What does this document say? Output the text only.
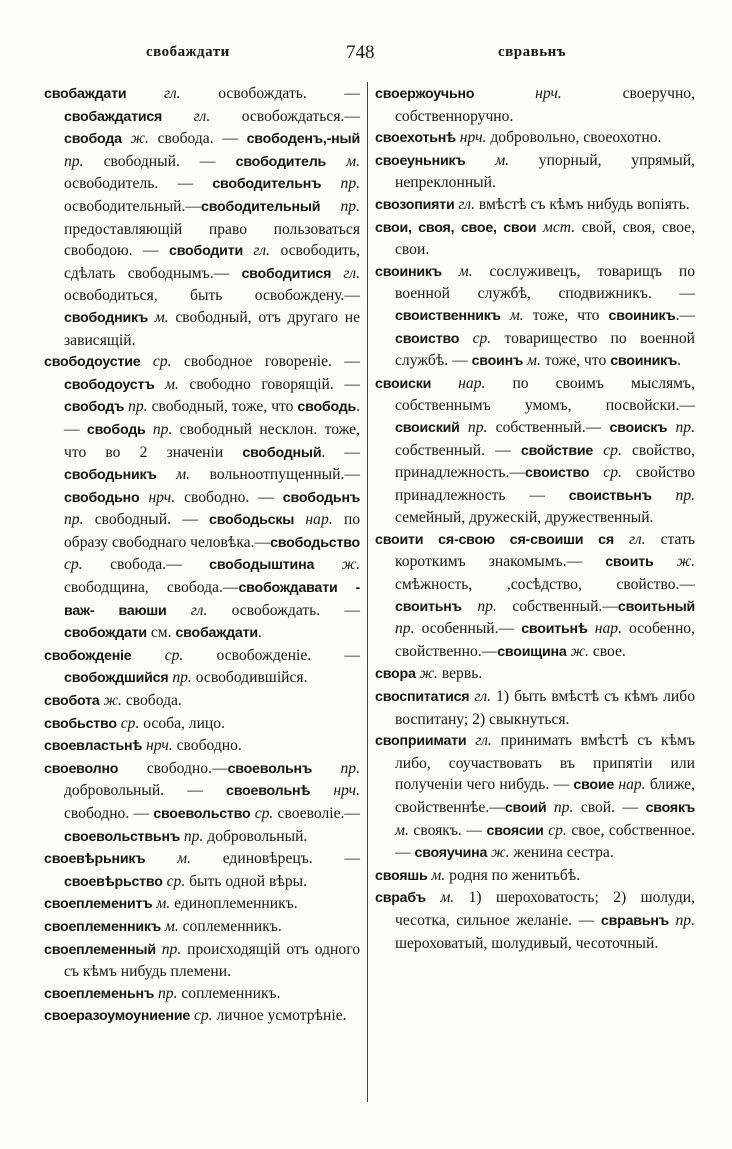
свобаждати	748	свравьнъ

свобаждати гл. освобождать. — свобаждатися гл. освобождаться.—свобода ж. свобода. — свободенъ,-ный пр. свободный. — свободитель м. освободитель. — свободительнъ пр. освободительный.—свободительный пр. предоставляющій право пользоваться свободою. — свободити гл. освободить, сдѣлать свободнымъ.— свободитися гл. освободиться, быть освобождену.—свободникъ м. свободный, отъ другаго не зависящій.

свободоустие ср. свободное говореніе. — свободоустъ м. свободно говорящій. — свободъ пр. свободный, тоже, что свободь. — свободь пр. свободный несклон. тоже, что во 2 значеніи свободный. — свободьникъ м. вольноотпущенный.— свободьно нрч. свободно. — свободьнъ пр. свободный. — свободьскы нар. по образу свободнаго человѣка.—свободьство ср. свобода.— свободыштина ж. свободщина, свобода.—свобождавати - важ- ваюши гл. освобождать. — свобождати см. свобаждати.

свобожденіе ср. освобожденіе. — свобождшийся пр. освободившійся.

свобота ж. свобода.

свобьство ср. особа, лицо.

своевластьнѣ нрч. свободно.

своеволно свободно.—своевольнъ пр. добровольный. — своевольнѣ нрч. свободно. — своевольство ср. своеволіе.—своевольствьнъ пр. добровольный.

своевѣрьникъ м. единовѣрецъ. — своевѣрьство ср. быть одной вѣры.

своеплеменитъ м. единоплеменникъ.

своеплеменникъ м. соплеменникъ.

своеплеменный пр. происходящій отъ одного съ кѣмъ нибудь племени.

своеплеменьнъ пр. соплеменникъ.

своеразоумоуниение ср. личное усмотрѣніе.

своержоучьно нрч. своеручно, собственноручно.

своехотьнѣ нрч. добровольно, своеохотно.

своеуньникъ м. упорный, упрямый, непреклонный.

свозопияти гл. вмѣстѣ съ кѣмъ нибудь вопіять.

свои, своя, свое, свои мст. свой, своя, свое, свои.

своиникъ м. сослуживецъ, товарищъ по военной службѣ, сподвижникъ. — своиственникъ м. тоже, что своиникъ.—своиство ср. товарищество по военной службѣ. — своинъ м. тоже, что своиникъ.

своиски нар. по своимъ мыслямъ, собственнымъ умомъ, посвойски.—своиский пр. собственный.— своискъ пр. собственный. — свойствие ср. свойство, принадлежность.—своиство ср. свойство принадлежность — своиствьнъ пр. семейный, дружескій, дружественный.

своити ся-свою ся-своиши ся гл. стать короткимъ знакомымъ.— своить ж. смѣжность, ,сосѣдство, свойство.—своитьнъ пр. собственный.—своитьный пр. особенный.— своитьнѣ нар. особенно, свойственно.—своищина ж. свое.

свора ж. вервь.

своспитатися гл. 1) быть вмѣстѣ съ кѣмъ либо воспитану; 2) свыкнуться.

своприимати гл. принимать вмѣстѣ съ кѣмъ либо, соучаствовать въ припятіи или полученіи чего нибудь. — своие нар. ближе, свойственнѣе.—своий пр. свой. — своякъ м. своякъ. — своясии ср. свое, собственное. — свояучина ж. женина сестра.

свояшь м. родня по женитьбѣ.

сврабъ м. 1) шероховатость; 2) шолуди, чесотка, сильное желаніе. — свравьнъ пр. шероховатый, шолудивый, чесоточный.
